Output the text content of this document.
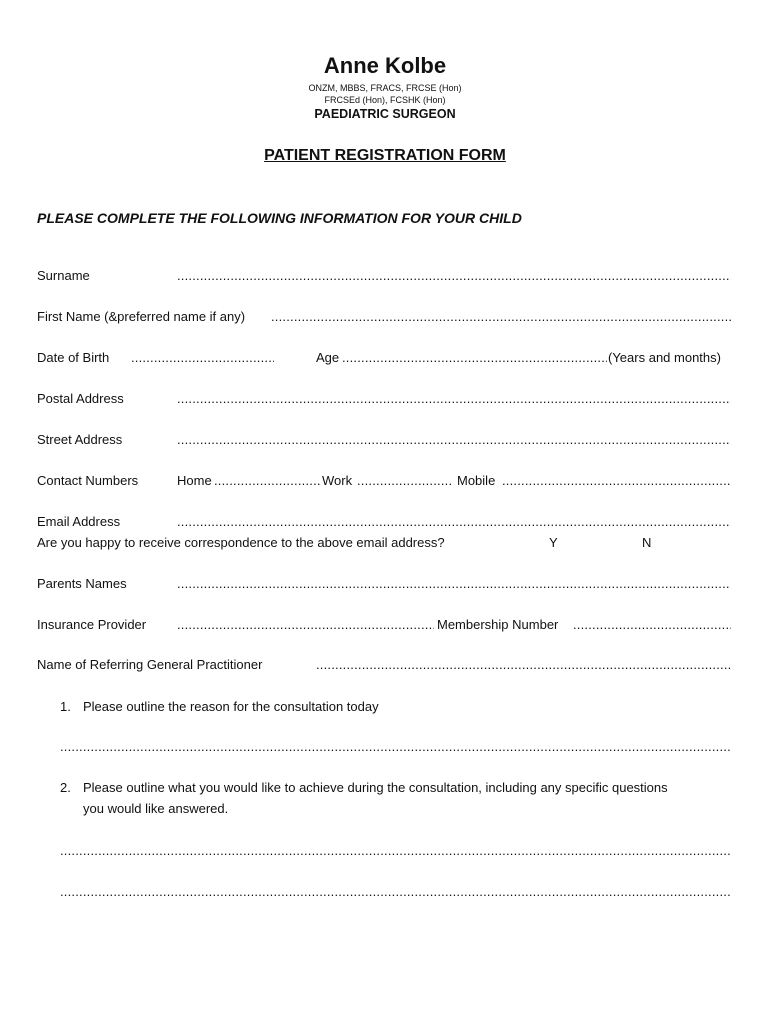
Anne Kolbe
ONZM, MBBS, FRACS, FRCSE (Hon)
FRCSEd (Hon), FCSHK (Hon)
PAEDIATRIC SURGEON
PATIENT REGISTRATION FORM
PLEASE COMPLETE THE FOLLOWING INFORMATION FOR YOUR CHILD
Surname
.....
First Name (&preferred name if any)
.....
Date of Birth .....	Age .....	(Years and months)
Postal Address
.....
Street Address
.....
Contact Numbers	Home .....	Work .....	Mobile
.....
Email Address
.....
Are you happy to receive correspondence to the above email address?	Y	N
Parents Names
.....
Insurance Provider .....	Membership Number
.....
Name of Referring General Practitioner
.....
1. Please outline the reason for the consultation today
.....
2. Please outline what you would like to achieve during the consultation, including any specific questions
you would like answered.
.....
.....
